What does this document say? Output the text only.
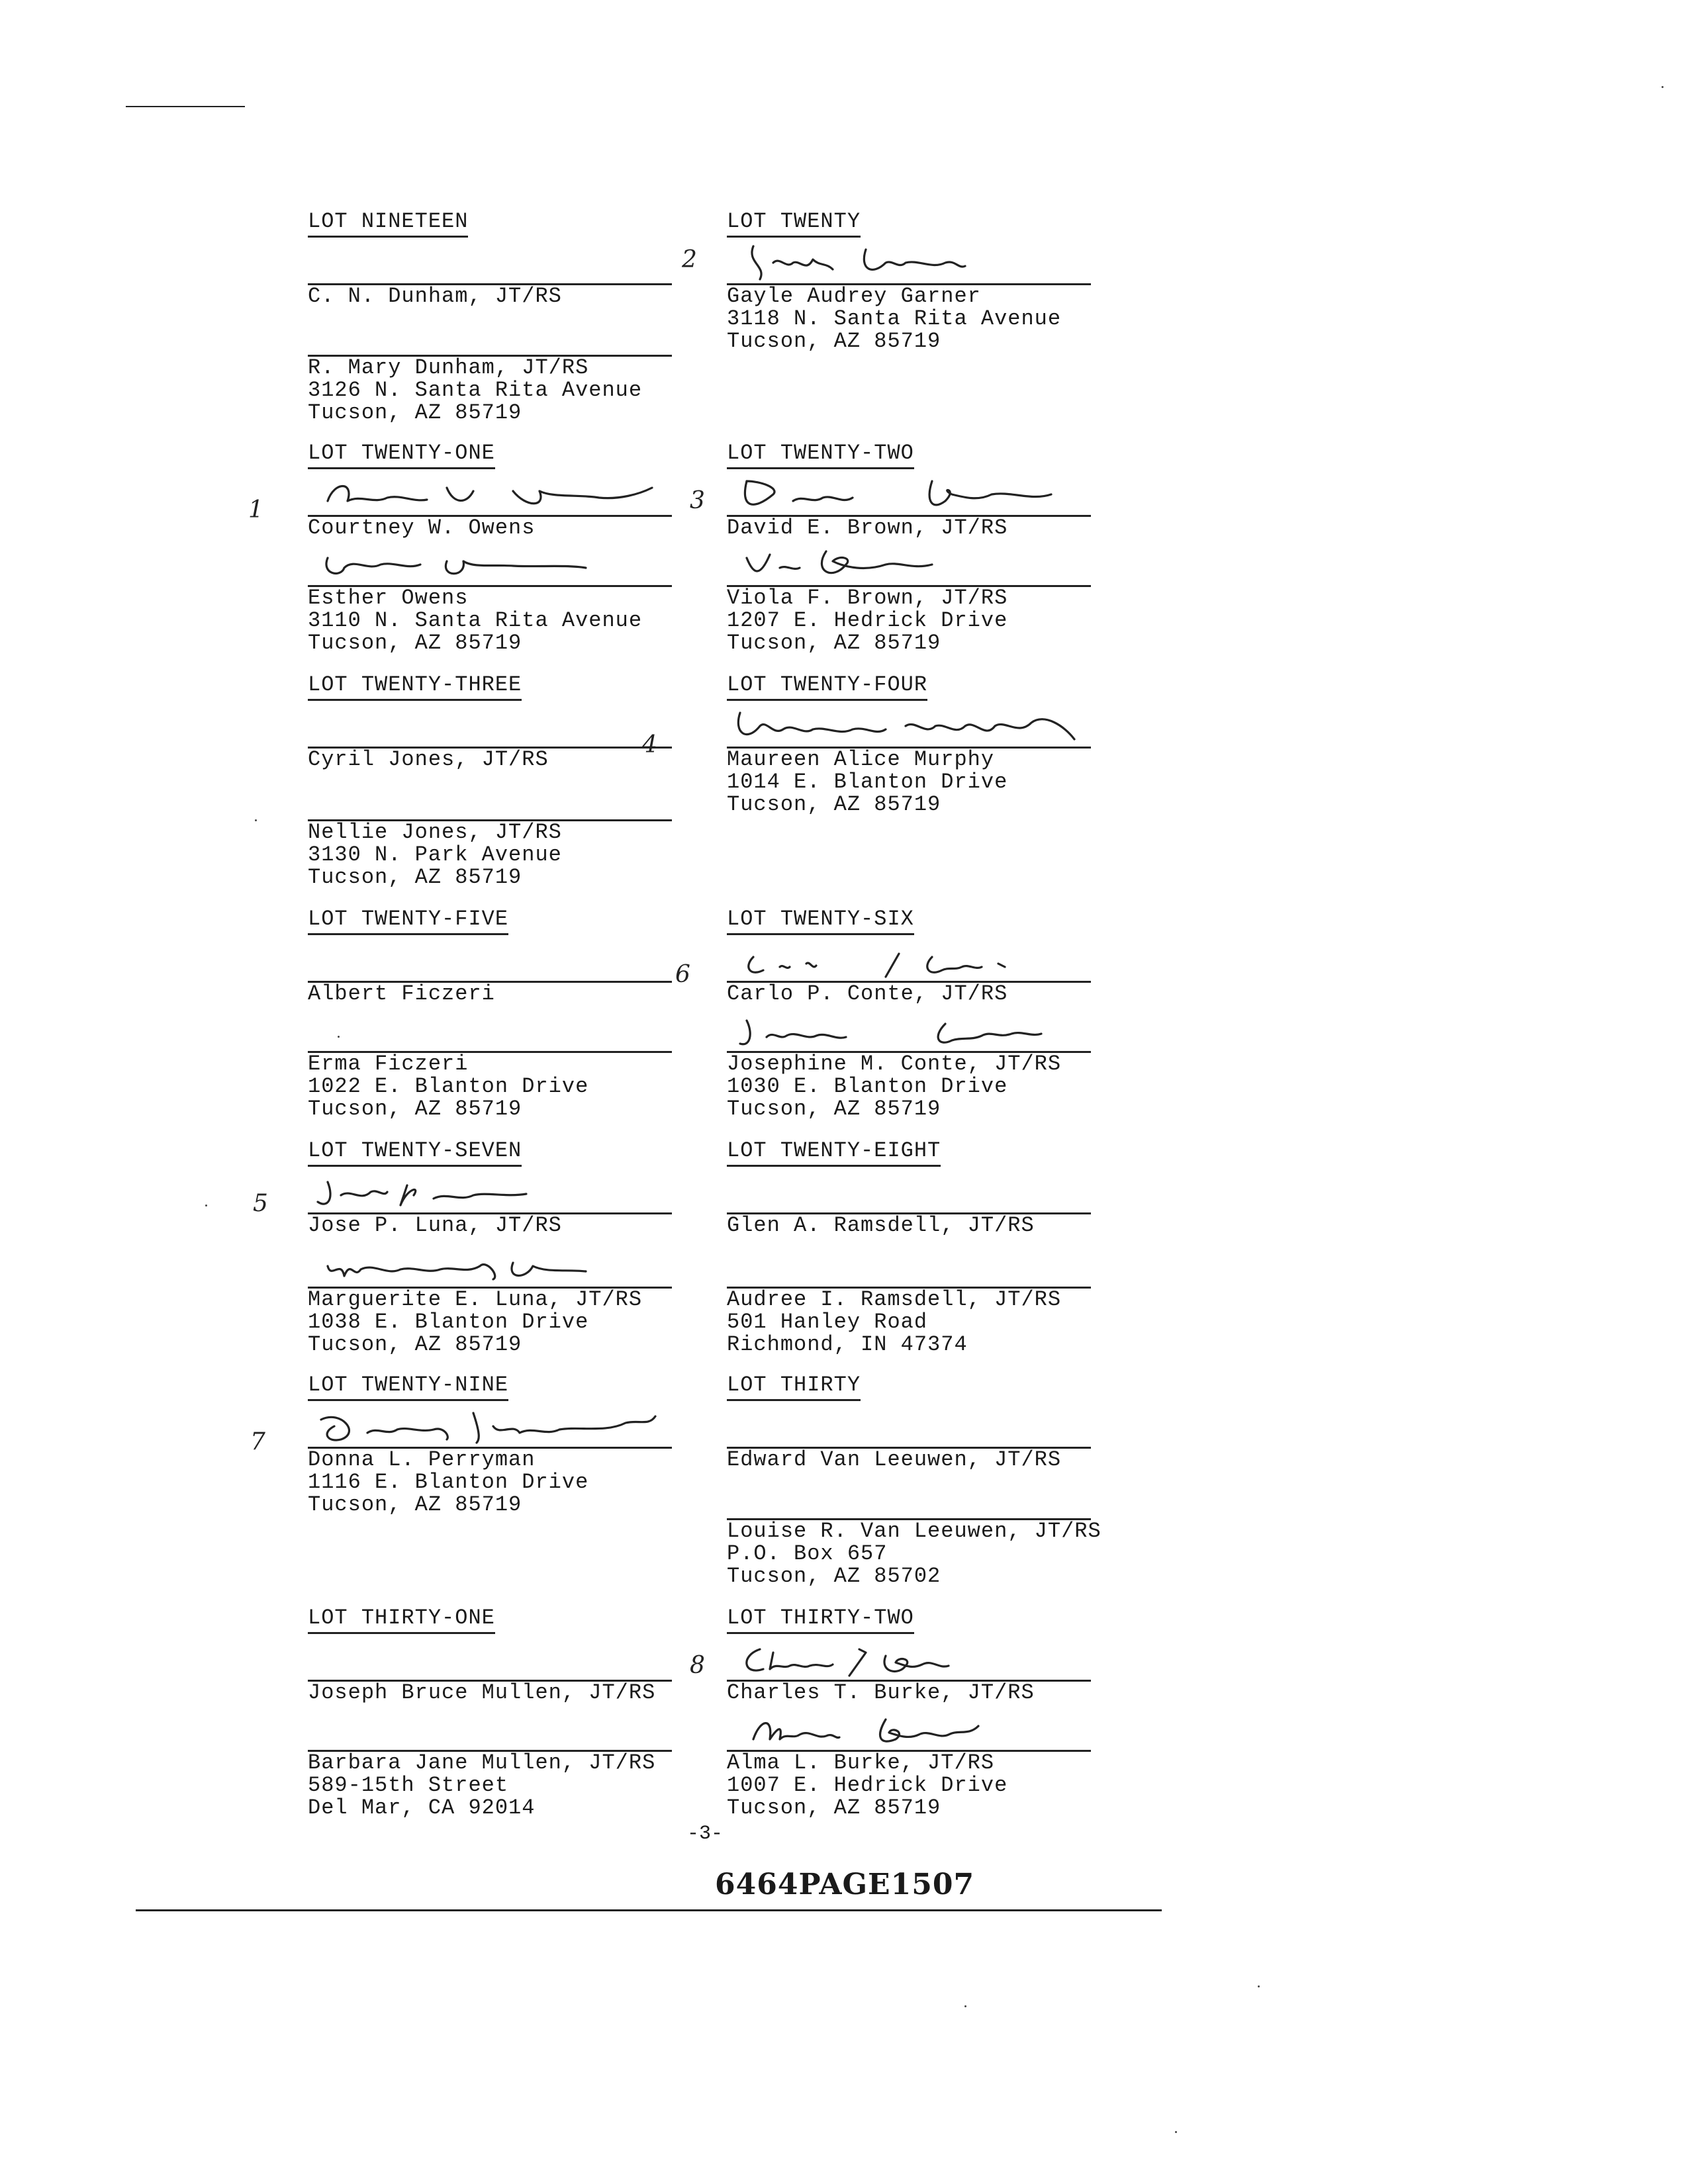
LOT NINETEEN
C. N. Dunham, JT/RS
R. Mary Dunham, JT/RS
3126 N. Santa Rita Avenue
Tucson, AZ 85719
LOT TWENTY-ONE
Courtney W. Owens
Esther Owens
3110 N. Santa Rita Avenue
Tucson, AZ 85719
LOT TWENTY-THREE
Cyril Jones, JT/RS
Nellie Jones, JT/RS
3130 N. Park Avenue
Tucson, AZ 85719
LOT TWENTY-FIVE
Albert Ficzeri
Erma Ficzeri
1022 E. Blanton Drive
Tucson, AZ 85719
LOT TWENTY-SEVEN
Jose P. Luna, JT/RS
Marguerite E. Luna, JT/RS
1038 E. Blanton Drive
Tucson, AZ 85719
LOT TWENTY-NINE
Donna L. Perryman
1116 E. Blanton Drive
Tucson, AZ 85719
LOT THIRTY-ONE
Joseph Bruce Mullen, JT/RS
Barbara Jane Mullen, JT/RS
589-15th Street
Del Mar, CA 92014
LOT TWENTY
Gayle Audrey Garner
3118 N. Santa Rita Avenue
Tucson, AZ 85719
LOT TWENTY-TWO
David E. Brown, JT/RS
Viola F. Brown, JT/RS
1207 E. Hedrick Drive
Tucson, AZ 85719
LOT TWENTY-FOUR
Maureen Alice Murphy
1014 E. Blanton Drive
Tucson, AZ 85719
LOT TWENTY-SIX
Carlo P. Conte, JT/RS
Josephine M. Conte, JT/RS
1030 E. Blanton Drive
Tucson, AZ 85719
LOT TWENTY-EIGHT
Glen A. Ramsdell, JT/RS
Audree I. Ramsdell, JT/RS
501 Hanley Road
Richmond, IN 47374
LOT THIRTY
Edward Van Leeuwen, JT/RS
Louise R. Van Leeuwen, JT/RS
P.O. Box 657
Tucson, AZ 85702
LOT THIRTY-TWO
Charles T. Burke, JT/RS
Alma L. Burke, JT/RS
1007 E. Hedrick Drive
Tucson, AZ 85719
2
1	3
4
6
5
7
8
-3-
6464PAGE1507
